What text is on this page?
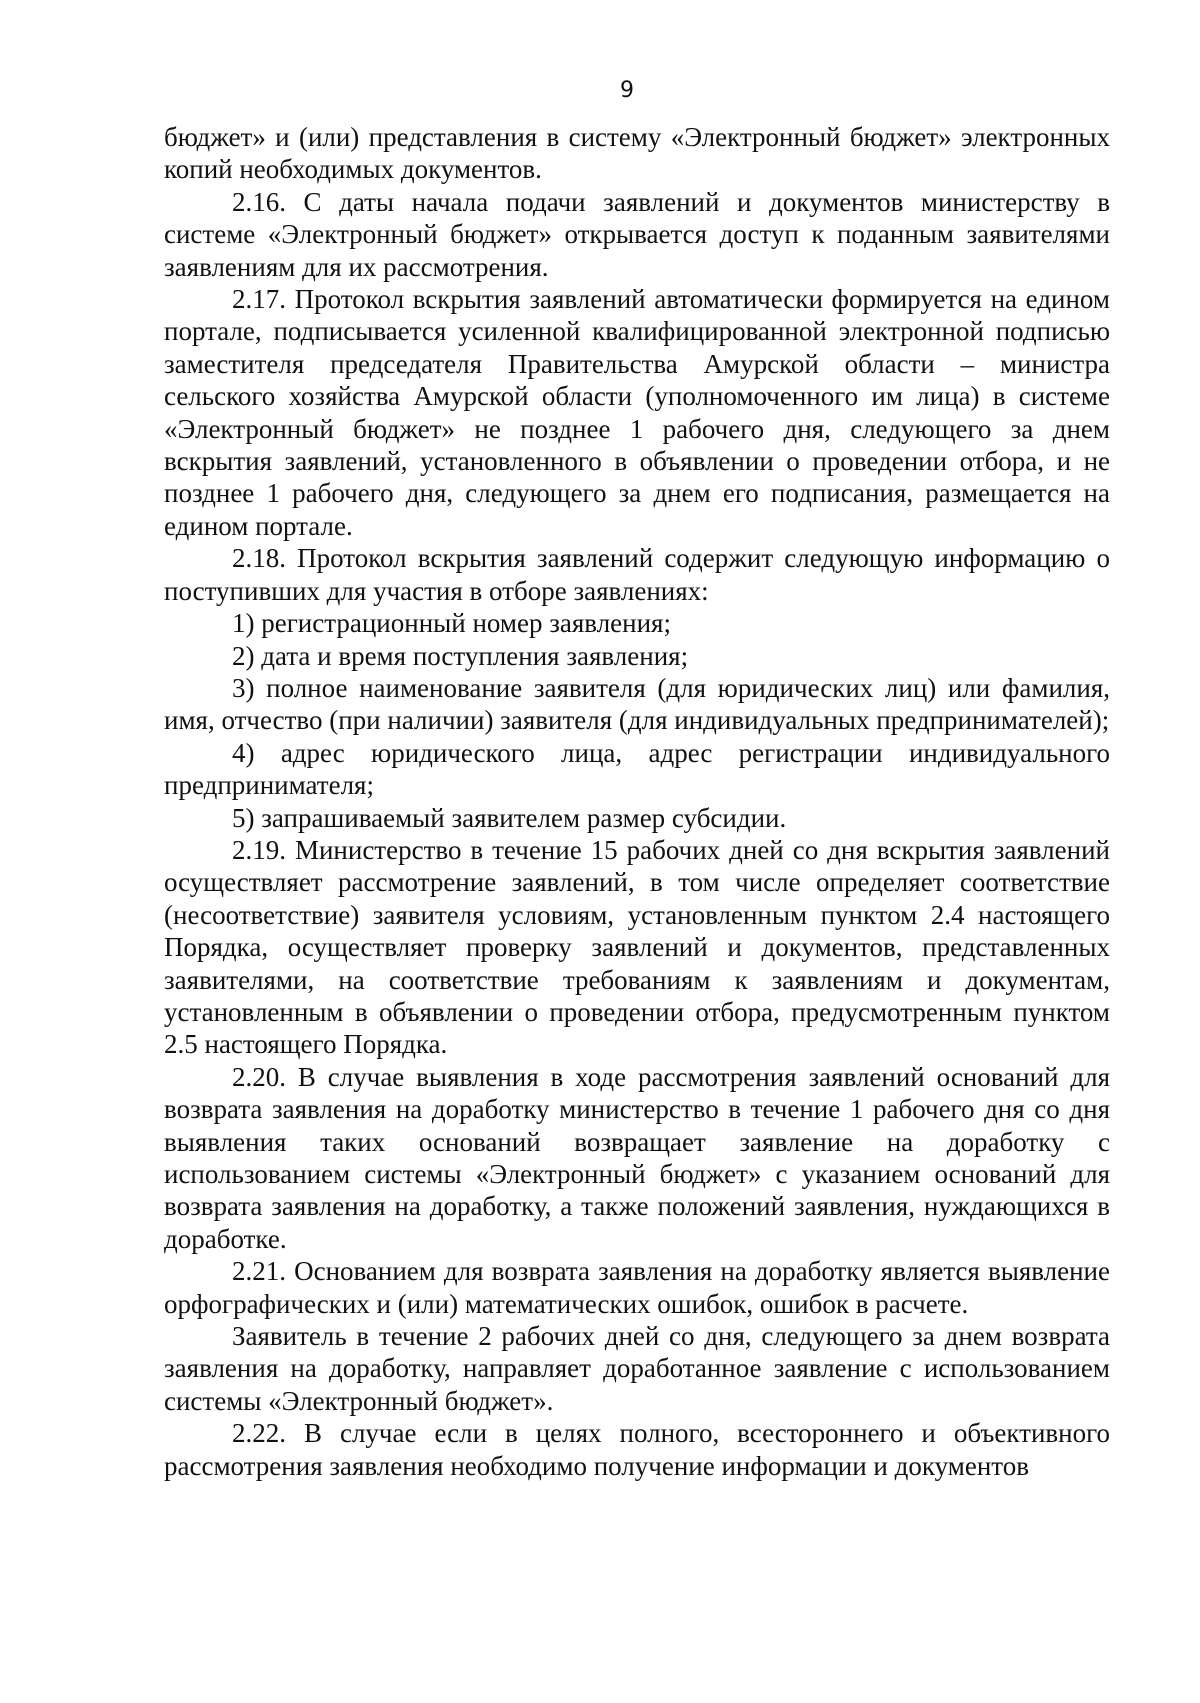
9

бюджет» и (или) представления в систему «Электронный бюджет» электронных копий необходимых документов.

2.16. С даты начала подачи заявлений и документов министерству в системе «Электронный бюджет» открывается доступ к поданным заявителями заявлениям для их рассмотрения.

2.17. Протокол вскрытия заявлений автоматически формируется на едином портале, подписывается усиленной квалифицированной электронной подписью заместителя председателя Правительства Амурской области – министра сельского хозяйства Амурской области (уполномоченного им лица) в системе «Электронный бюджет» не позднее 1 рабочего дня, следующего за днем вскрытия заявлений, установленного в объявлении о проведении отбора, и не позднее 1 рабочего дня, следующего за днем его подписания, размещается на едином портале.

2.18. Протокол вскрытия заявлений содержит следующую информацию о поступивших для участия в отборе заявлениях:

1) регистрационный номер заявления;

2) дата и время поступления заявления;

3) полное наименование заявителя (для юридических лиц) или фамилия, имя, отчество (при наличии) заявителя (для индивидуальных предпринимателей);

4) адрес юридического лица, адрес регистрации индивидуального предпринимателя;

5) запрашиваемый заявителем размер субсидии.

2.19. Министерство в течение 15 рабочих дней со дня вскрытия заявлений осуществляет рассмотрение заявлений, в том числе определяет соответствие (несоответствие) заявителя условиям, установленным пунктом 2.4 настоящего Порядка, осуществляет проверку заявлений и документов, представленных заявителями, на соответствие требованиям к заявлениям и документам, установленным в объявлении о проведении отбора, предусмотренным пунктом 2.5 настоящего Порядка.

2.20. В случае выявления в ходе рассмотрения заявлений оснований для возврата заявления на доработку министерство в течение 1 рабочего дня со дня выявления таких оснований возвращает заявление на доработку с использованием системы «Электронный бюджет» с указанием оснований для возврата заявления на доработку, а также положений заявления, нуждающихся в доработке.

2.21. Основанием для возврата заявления на доработку является выявление орфографических и (или) математических ошибок, ошибок в расчете.

Заявитель в течение 2 рабочих дней со дня, следующего за днем возврата заявления на доработку, направляет доработанное заявление с использованием системы «Электронный бюджет».

2.22. В случае если в целях полного, всестороннего и объективного рассмотрения заявления необходимо получение информации и документов
